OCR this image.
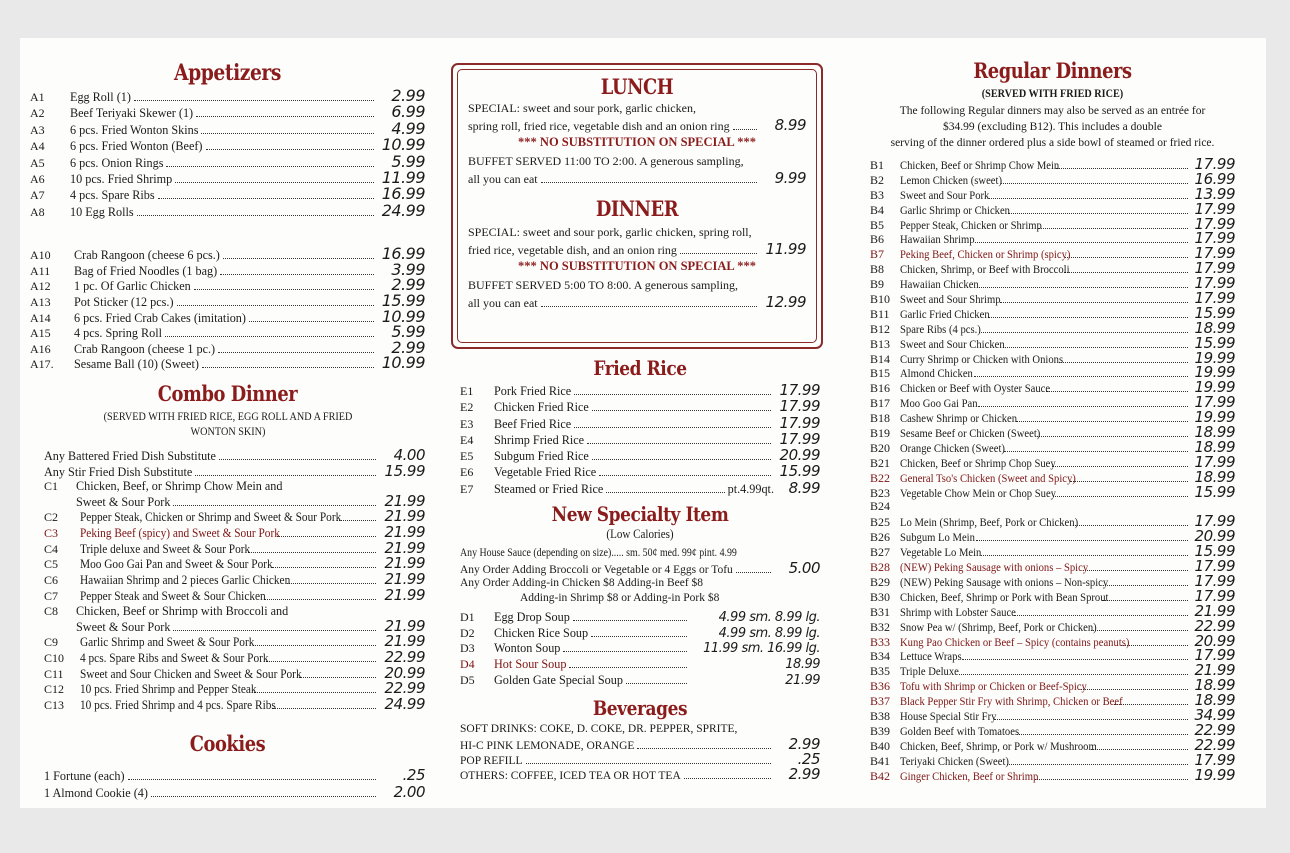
Appetizers
A1	Egg Roll (1)	2.99
A2	Beef Teriyaki Skewer (1)	6.99
A3	6 pcs. Fried Wonton Skins	4.99
A4	6 pcs. Fried Wonton (Beef)	10.99
A5	6 pcs. Onion Rings	5.99
A6	10 pcs. Fried Shrimp	11.99
A7	4 pcs. Spare Ribs	16.99
A8	10 Egg Rolls	24.99
A10	Crab Rangoon (cheese 6 pcs.)	16.99
A11	Bag of Fried Noodles (1 bag)	3.99
A12	1 pc. Of Garlic Chicken	2.99
A13	Pot Sticker (12 pcs.)	15.99
A14	6 pcs. Fried Crab Cakes (imitation)	10.99
A15	4 pcs. Spring Roll	5.99
A16	Crab Rangoon (cheese 1 pc.)	2.99
A17.	Sesame Ball (10) (Sweet)	10.99
Combo Dinner
(SERVED WITH FRIED RICE, EGG ROLL AND A FRIED WONTON SKIN)
Any Battered Fried Dish Substitute	4.00
Any Stir Fried Dish Substitute	15.99
C1	Chicken, Beef, or Shrimp Chow Mein and
Sweet & Sour Pork	21.99
C2	Pepper Steak, Chicken or Shrimp and Sweet & Sour Pork	21.99
C3	Peking Beef (spicy) and Sweet & Sour Pork	21.99
C4	Triple deluxe and Sweet & Sour Pork	21.99
C5	Moo Goo Gai Pan and Sweet & Sour Pork	21.99
C6	Hawaiian Shrimp and 2 pieces Garlic Chicken	21.99
C7	Pepper Steak and Sweet & Sour Chicken	21.99
C8	Chicken, Beef or Shrimp with Broccoli and
Sweet & Sour Pork	21.99
C9	Garlic Shrimp and Sweet & Sour Pork	21.99
C10	4 pcs. Spare Ribs and Sweet & Sour Pork	22.99
C11	Sweet and Sour Chicken and Sweet & Sour Pork	20.99
C12	10 pcs. Fried Shrimp and Pepper Steak	22.99
C13	10 pcs. Fried Shrimp and 4 pcs. Spare Ribs	24.99
Cookies
1 Fortune (each)	.25
1 Almond Cookie (4)	2.00
LUNCH
SPECIAL: sweet and sour pork, garlic chicken,
spring roll, fried rice, vegetable dish and an onion ring	8.99
*** NO SUBSTITUTION ON SPECIAL ***
BUFFET SERVED 11:00 TO 2:00. A generous sampling,
all you can eat	9.99
DINNER
SPECIAL: sweet and sour pork, garlic chicken, spring roll,
fried rice, vegetable dish, and an onion ring	11.99
*** NO SUBSTITUTION ON SPECIAL ***
BUFFET SERVED 5:00 TO 8:00. A generous sampling,
all you can eat	12.99
Fried Rice
E1	Pork Fried Rice	17.99
E2	Chicken Fried Rice	17.99
E3	Beef Fried Rice	17.99
E4	Shrimp Fried Rice	17.99
E5	Subgum Fried Rice	20.99
E6	Vegetable Fried Rice	15.99
E7	Steamed or Fried Rice	pt.4.99qt. 8.99
New Specialty Item
(Low Calories)
Any House Sauce (depending on size)..... sm. 50¢ med. 99¢ pint. 4.99
Any Order Adding Broccoli or Vegetable or 4 Eggs or Tofu	5.00
Any Order Adding-in Chicken $8 Adding-in Beef $8
Adding-in Shrimp $8 or Adding-in Pork $8
D1	Egg Drop Soup	4.99 sm. 8.99 lg.
D2	Chicken Rice Soup	4.99 sm. 8.99 lg.
D3	Wonton Soup	11.99 sm. 16.99 lg.
D4	Hot Sour Soup	18.99
D5	Golden Gate Special Soup	21.99
Beverages
SOFT DRINKS: COKE, D. COKE, DR. PEPPER, SPRITE,
HI-C PINK LEMONADE, ORANGE	2.99
POP REFILL	.25
OTHERS: COFFEE, ICED TEA OR HOT TEA	2.99
Regular Dinners
(SERVED WITH FRIED RICE)
The following Regular dinners may also be served as an entrée for
$34.99 (excluding B12). This includes a double
serving of the dinner ordered plus a side bowl of steamed or fried rice.
B1	Chicken, Beef or Shrimp Chow Mein	17.99
B2	Lemon Chicken (sweet)	16.99
B3	Sweet and Sour Pork	13.99
B4	Garlic Shrimp or Chicken	17.99
B5	Pepper Steak, Chicken or Shrimp	17.99
B6	Hawaiian Shrimp	17.99
B7	Peking Beef, Chicken or Shrimp (spicy)	17.99
B8	Chicken, Shrimp, or Beef with Broccoli	17.99
B9	Hawaiian Chicken	17.99
B10 Sweet and Sour Shrimp	17.99
B11 Garlic Fried Chicken	15.99
B12 Spare Ribs (4 pcs.)	18.99
B13 Sweet and Sour Chicken	15.99
B14 Curry Shrimp or Chicken with Onions	19.99
B15 Almond Chicken	19.99
B16 Chicken or Beef with Oyster Sauce	19.99
B17 Moo Goo Gai Pan	17.99
B18 Cashew Shrimp or Chicken	19.99
B19 Sesame Beef or Chicken (Sweet)	18.99
B20 Orange Chicken (Sweet)	18.99
B21 Chicken, Beef or Shrimp Chop Suey	17.99
B22 General Tso's Chicken (Sweet and Spicy)	18.99
B23 Vegetable Chow Mein or Chop Suey	15.99
B24
B25 Lo Mein (Shrimp, Beef, Pork or Chicken)	17.99
B26 Subgum Lo Mein	20.99
B27 Vegetable Lo Mein	15.99
B28 (NEW) Peking Sausage with onions – Spicy	17.99
B29 (NEW) Peking Sausage with onions – Non-spicy	17.99
B30 Chicken, Beef, Shrimp or Pork with Bean Sprout	17.99
B31 Shrimp with Lobster Sauce	21.99
B32 Snow Pea w/ (Shrimp, Beef, Pork or Chicken)	22.99
B33 Kung Pao Chicken or Beef – Spicy (contains peanuts)	20.99
B34 Lettuce Wraps	17.99
B35 Triple Deluxe	21.99
B36 Tofu with Shrimp or Chicken or Beef-Spicy	18.99
B37 Black Pepper Stir Fry with Shrimp, Chicken or Beef	18.99
B38 House Special Stir Fry	34.99
B39 Golden Beef with Tomatoes	22.99
B40 Chicken, Beef, Shrimp, or Pork w/ Mushroom	22.99
B41 Teriyaki Chicken (Sweet)	17.99
B42 Ginger Chicken, Beef or Shrimp	19.99
